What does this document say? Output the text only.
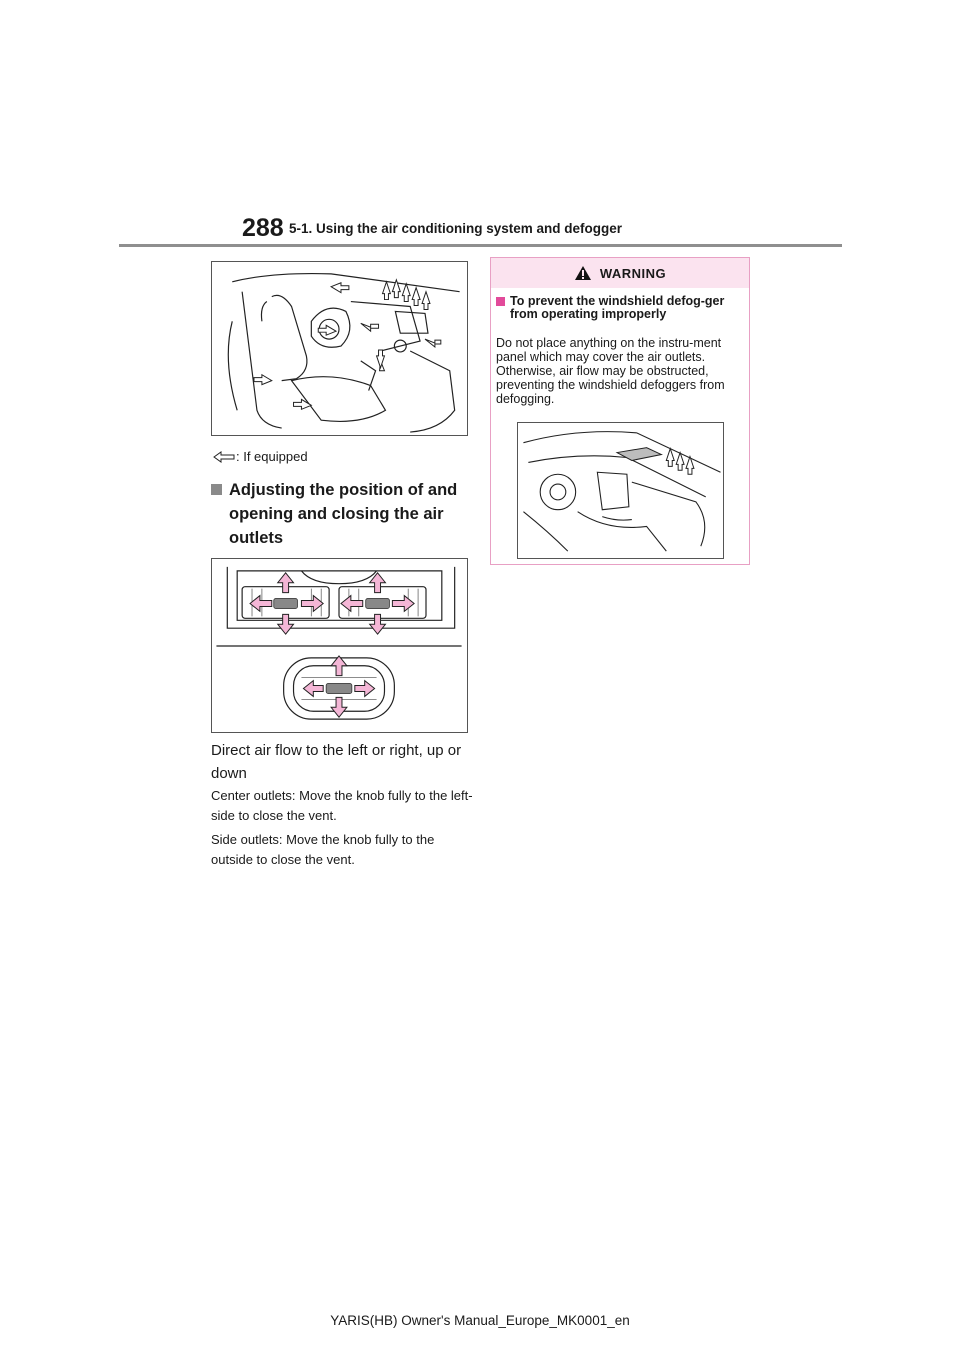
288 5-1. Using the air conditioning system and defogger
: If equipped
Adjusting the position of and opening and closing the air outlets
Direct air flow to the left or right, up or down
Center outlets: Move the knob fully to the left-side to close the vent.
Side outlets: Move the knob fully to the outside to close the vent.
WARNING
To prevent the windshield defog-ger from operating improperly
Do not place anything on the instru-ment panel which may cover the air outlets. Otherwise, air flow may be obstructed, preventing the windshield defoggers from defogging.
YARIS(HB) Owner's Manual_Europe_MK0001_en
